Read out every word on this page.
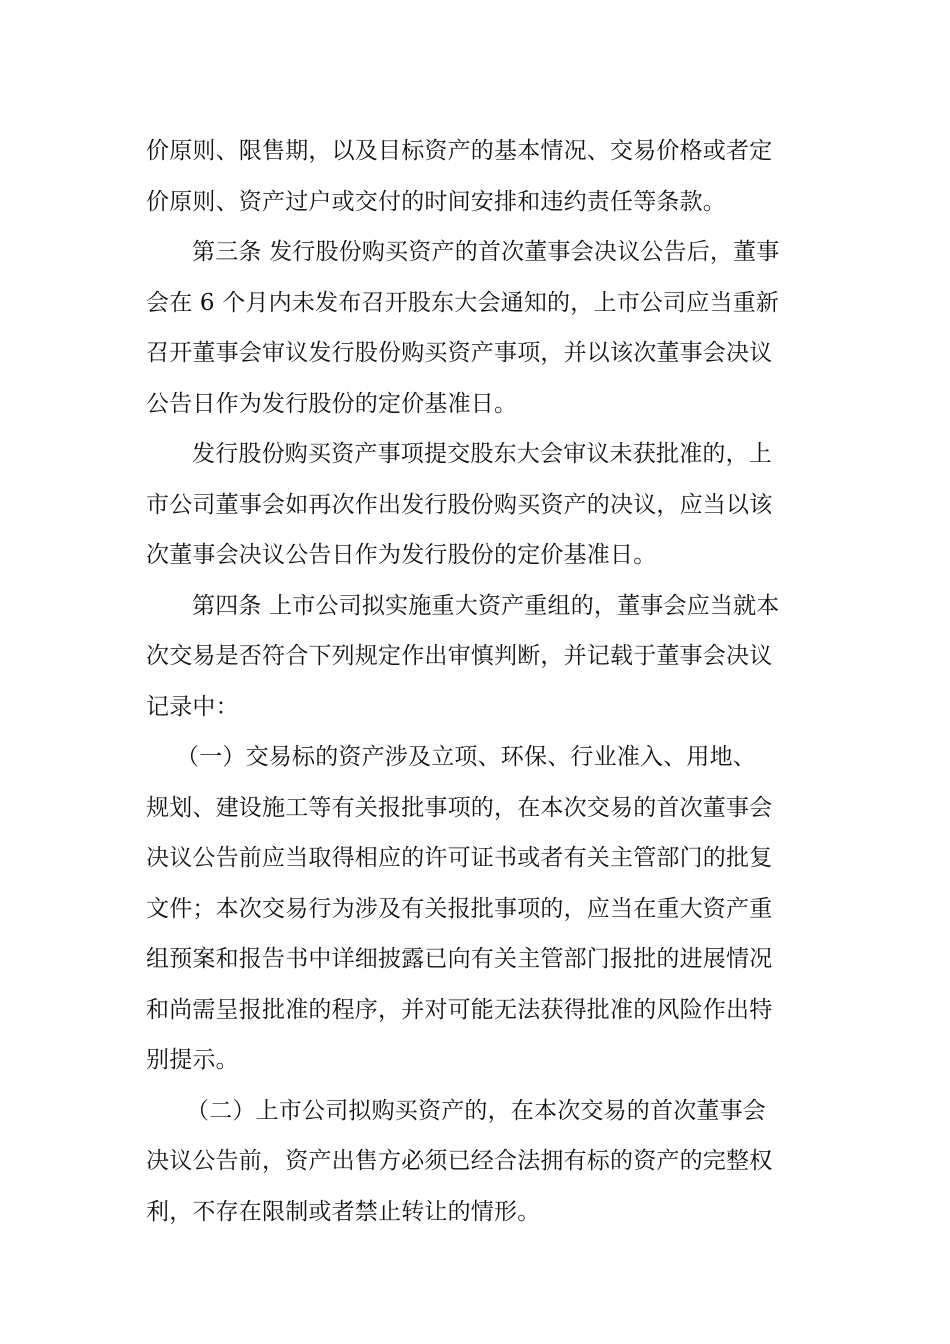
价原则、限售期，以及目标资产的基本情况、交易价格或者定
价原则、资产过户或交付的时间安排和违约责任等条款。
第三条 发行股份购买资产的首次董事会决议公告后，董事
会在 6 个月内未发布召开股东大会通知的，上市公司应当重新
召开董事会审议发行股份购买资产事项，并以该次董事会决议
公告日作为发行股份的定价基准日。
发行股份购买资产事项提交股东大会审议未获批准的，上
市公司董事会如再次作出发行股份购买资产的决议，应当以该
次董事会决议公告日作为发行股份的定价基准日。
第四条 上市公司拟实施重大资产重组的，董事会应当就本
次交易是否符合下列规定作出审慎判断，并记载于董事会决议
记录中：
（一）交易标的资产涉及立项、环保、行业准入、用地、
规划、建设施工等有关报批事项的，在本次交易的首次董事会
决议公告前应当取得相应的许可证书或者有关主管部门的批复
文件；本次交易行为涉及有关报批事项的，应当在重大资产重
组预案和报告书中详细披露已向有关主管部门报批的进展情况
和尚需呈报批准的程序，并对可能无法获得批准的风险作出特
别提示。
（二）上市公司拟购买资产的，在本次交易的首次董事会
决议公告前，资产出售方必须已经合法拥有标的资产的完整权
利，不存在限制或者禁止转让的情形。
